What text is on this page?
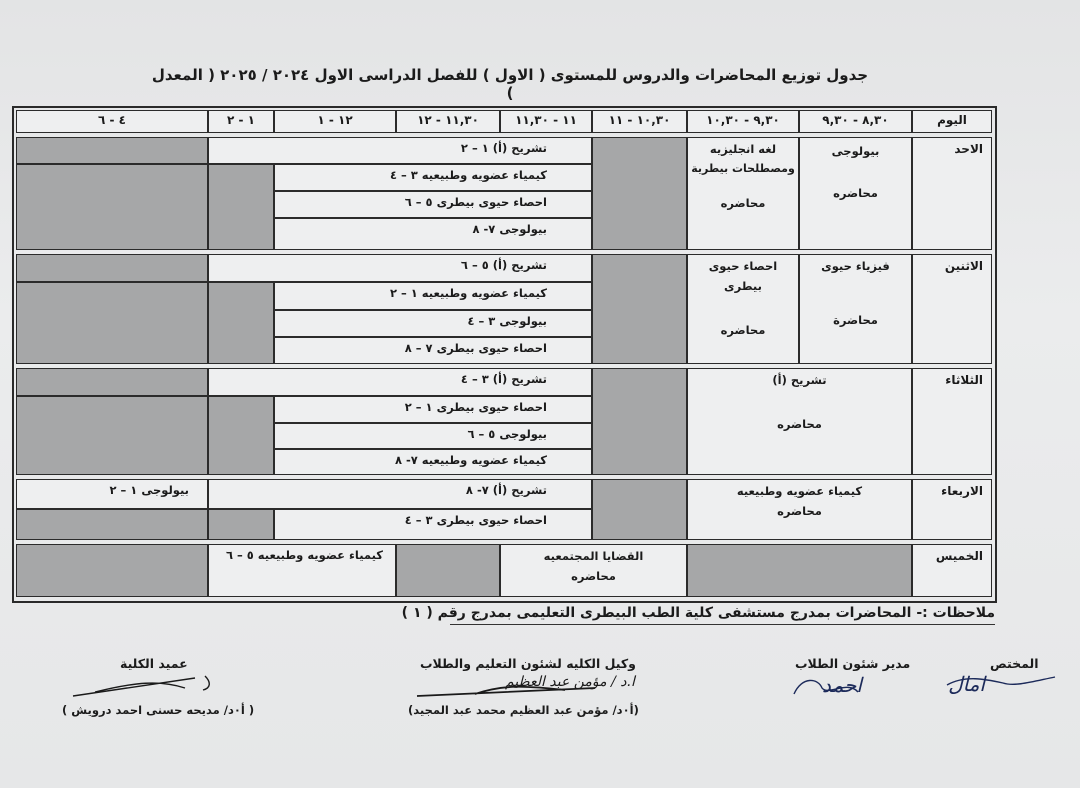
جدول توزيع المحاضرات والدروس للمستوى ( الاول ) للفصل الدراسى الاول ٢٠٢٤ / ٢٠٢٥ ( المعدل )
اليوم
٨,٣٠ - ٩,٣٠
٩,٣٠ - ١٠,٣٠
١٠,٣٠ - ١١
١١ - ١١,٣٠
١١,٣٠ - ١٢
١٢ - ١
١ - ٢
٤ - ٦
الاحد
بيولوجى
محاضره
لغه انجليزيه
ومصطلحات بيطرية
محاضره
تشريح (أ) ١ – ٢
كيمياء عضويه وطبيعيه ٣ – ٤
احصاء حيوى بيطرى ٥ – ٦
بيولوجى ٧- ٨
الاثنين
فيزياء حيوى
محاضرة
احصاء حيوى
بيطرى
محاضره
تشريح (أ) ٥ – ٦
كيمياء عضويه وطبيعيه ١ – ٢
بيولوجى ٣ – ٤
احصاء حيوى بيطرى ٧ – ٨
الثلاثاء
تشريح (أ)
محاضره
تشريح (أ) ٣ – ٤
احصاء حيوى بيطرى ١ – ٢
بيولوجى ٥ – ٦
كيمياء عضويه وطبيعيه ٧- ٨
الاربعاء
كيمياء عضويه وطبيعيه
محاضره
بيولوجى ١ – ٢	تشريح (أ) ٧- ٨
احصاء حيوى بيطرى ٣ – ٤
الخميس
القضايا المجتمعيه
محاضره
كيمياء عضويه وطبيعيه ٥ – ٦
ملاحظات :- المحاضرات بمدرج مستشفى كلية الطب البيطرى التعليمى بمدرج رقم ( ١ )
المختص
امال
مدير شئون الطلاب
احمد
وكيل الكليه لشئون التعليم والطلاب
ا.د / مؤمن عبد العظيم
(أ٠د/ مؤمن عبد العظيم محمد عبد المجيد)
عميد الكلية
( أ٠د/ مديحه حسنى احمد درويش )
